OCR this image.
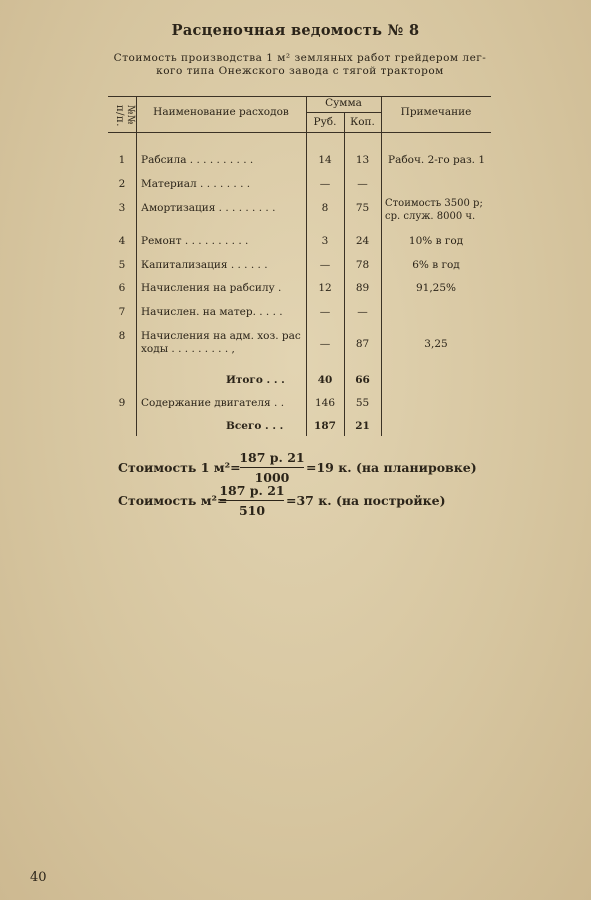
Расценочная ведомость № 8
Стоимость производства 1 м² земляных работ грейдером лег-
кого типа Онежского завода с тягой трактором
№№ п/п.	Наименование расходов
Сумма
Руб.	Коп.
Примечание
1	Рабсила . . . . . . . . . .	14	13	Рабоч. 2-го раз. 1
2	Материал . . . . . . . .	—	—
3	Амортизация . . . . . . . . .	8	75	Стоимость 3500 р;
ср. служ. 8000 ч.
4	Ремонт . . . . . . . . . .	3	24	10% в год
5	Капитализация . . . . . .	—	78	6% в год
6	Начисления на рабсилу .	12	89	91,25%
7	Начислен. на матер. . . . .	—	—
8	Начисления на адм. хоз. рас
ходы . . . . . . . . . ,	—	87	3,25
Итого . . .	40	66
9	Содержание двигателя . .	146	55
Всего . . .	187	21
Стоимость 1 м²=
187 р. 21
1000
=19 к. (на планировке)
Стоимость м²=
187 р. 21
510
=37 к. (на постройке)
40
